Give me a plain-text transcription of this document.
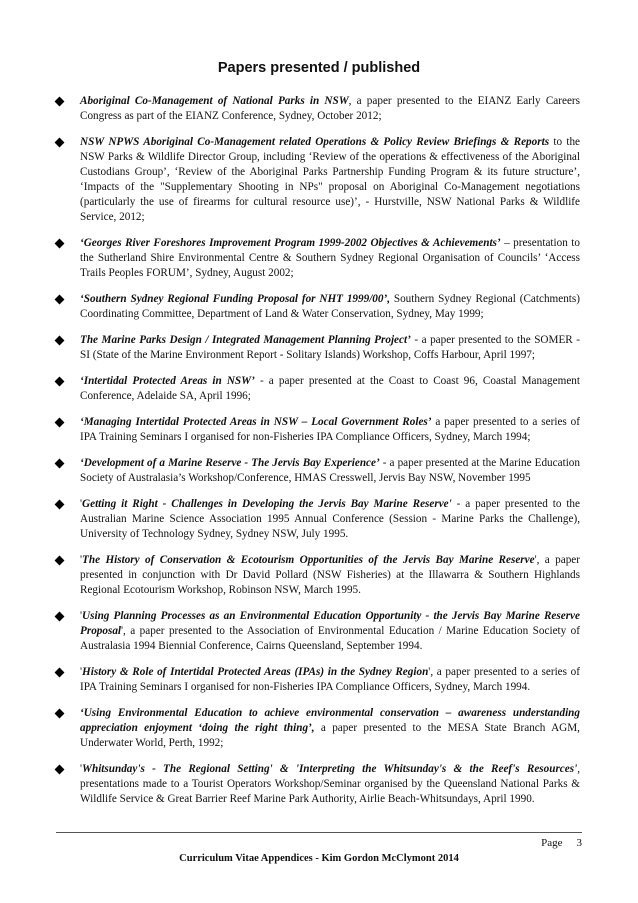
Papers presented / published
Aboriginal Co-Management of National Parks in NSW, a paper presented to the EIANZ Early Careers Congress as part of the EIANZ Conference, Sydney, October 2012;
NSW NPWS Aboriginal Co-Management related Operations & Policy Review Briefings & Reports to the NSW Parks & Wildlife Director Group, including ‘Review of the operations & effectiveness of the Aboriginal Custodians Group’, ‘Review of the Aboriginal Parks Partnership Funding Program & its future structure’, ‘Impacts of the "Supplementary Shooting in NPs" proposal on Aboriginal Co-Management negotiations (particularly the use of firearms for cultural resource use)’, - Hurstville, NSW National Parks & Wildlife Service, 2012;
‘Georges River Foreshores Improvement Program 1999-2002 Objectives & Achievements’ – presentation to the Sutherland Shire Environmental Centre & Southern Sydney Regional Organisation of Councils’ ‘Access Trails Peoples FORUM’, Sydney, August 2002;
‘Southern Sydney Regional Funding Proposal for NHT 1999/00’, Southern Sydney Regional (Catchments) Coordinating Committee, Department of Land & Water Conservation, Sydney, May 1999;
The Marine Parks Design / Integrated Management Planning Project’ - a paper presented to the SOMER - SI (State of the Marine Environment Report - Solitary Islands) Workshop, Coffs Harbour, April 1997;
‘Intertidal Protected Areas in NSW’ - a paper presented at the Coast to Coast 96, Coastal Management Conference, Adelaide SA, April 1996;
‘Managing Intertidal Protected Areas in NSW – Local Government Roles’ a paper presented to a series of IPA Training Seminars I organised for non-Fisheries IPA Compliance Officers, Sydney, March 1994;
‘Development of a Marine Reserve - The Jervis Bay Experience’ - a paper presented at the Marine Education Society of Australasia’s Workshop/Conference, HMAS Cresswell, Jervis Bay NSW, November 1995
'Getting it Right - Challenges in Developing the Jervis Bay Marine Reserve' - a paper presented to the Australian Marine Science Association 1995 Annual Conference (Session - Marine Parks the Challenge), University of Technology Sydney, Sydney NSW, July 1995.
'The History of Conservation & Ecotourism Opportunities of the Jervis Bay Marine Reserve', a paper presented in conjunction with Dr David Pollard (NSW Fisheries) at the Illawarra & Southern Highlands Regional Ecotourism Workshop, Robinson NSW, March 1995.
'Using Planning Processes as an Environmental Education Opportunity - the Jervis Bay Marine Reserve Proposal', a paper presented to the Association of Environmental Education / Marine Education Society of Australasia 1994 Biennial Conference, Cairns Queensland, September 1994.
'History & Role of Intertidal Protected Areas (IPAs) in the Sydney Region', a paper presented to a series of IPA Training Seminars I organised for non-Fisheries IPA Compliance Officers, Sydney, March 1994.
‘Using Environmental Education to achieve environmental conservation – awareness understanding appreciation enjoyment ‘doing the right thing’, a paper presented to the MESA State Branch AGM, Underwater World, Perth, 1992;
'Whitsunday's - The Regional Setting' & 'Interpreting the Whitsunday's & the Reef's Resources', presentations made to a Tourist Operators Workshop/Seminar organised by the Queensland National Parks & Wildlife Service & Great Barrier Reef Marine Park Authority, Airlie Beach-Whitsundays, April 1990.
Page 3
Curriculum Vitae Appendices - Kim Gordon McClymont 2014
